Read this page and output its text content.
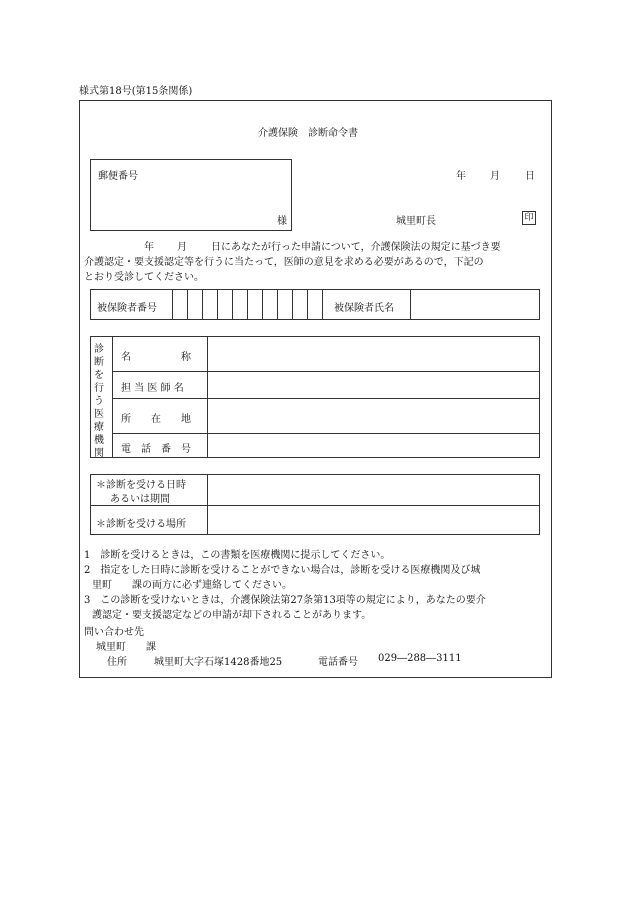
様式第18号(第15条関係)
介護保険　診断命令書
郵便番号
様
年 月	日
城里町長	印
年 月 日にあなたが行った申請について，介護保険法の規定に基づき要
介護認定・要支援認定等を行うに当たって，医師の意見を求める必要があるので，下記の
とおり受診してください。
被保険者番号	被保険者氏名
診
断
を
行
う
医
療
機
関
名　　　　　称
担 当 医 師 名
所　　在　　地
電　話　番　号
＊診断を受ける日時
あるいは期間
＊診断を受ける場所
1　診断を受けるときは，この書類を医療機関に提示してください。
2　指定をした日時に診断を受けることができない場合は，診断を受ける医療機関及び城
里町　　課の両方に必ず連絡してください。
3　この診断を受けないときは，介護保険法第27条第13項等の規定により，あなたの要介
護認定・要支援認定などの申請が却下されることがあります。
問い合わせ先
城里町　　課
住所	城里町大字石塚1428番地25	電話番号 029―288―3111
